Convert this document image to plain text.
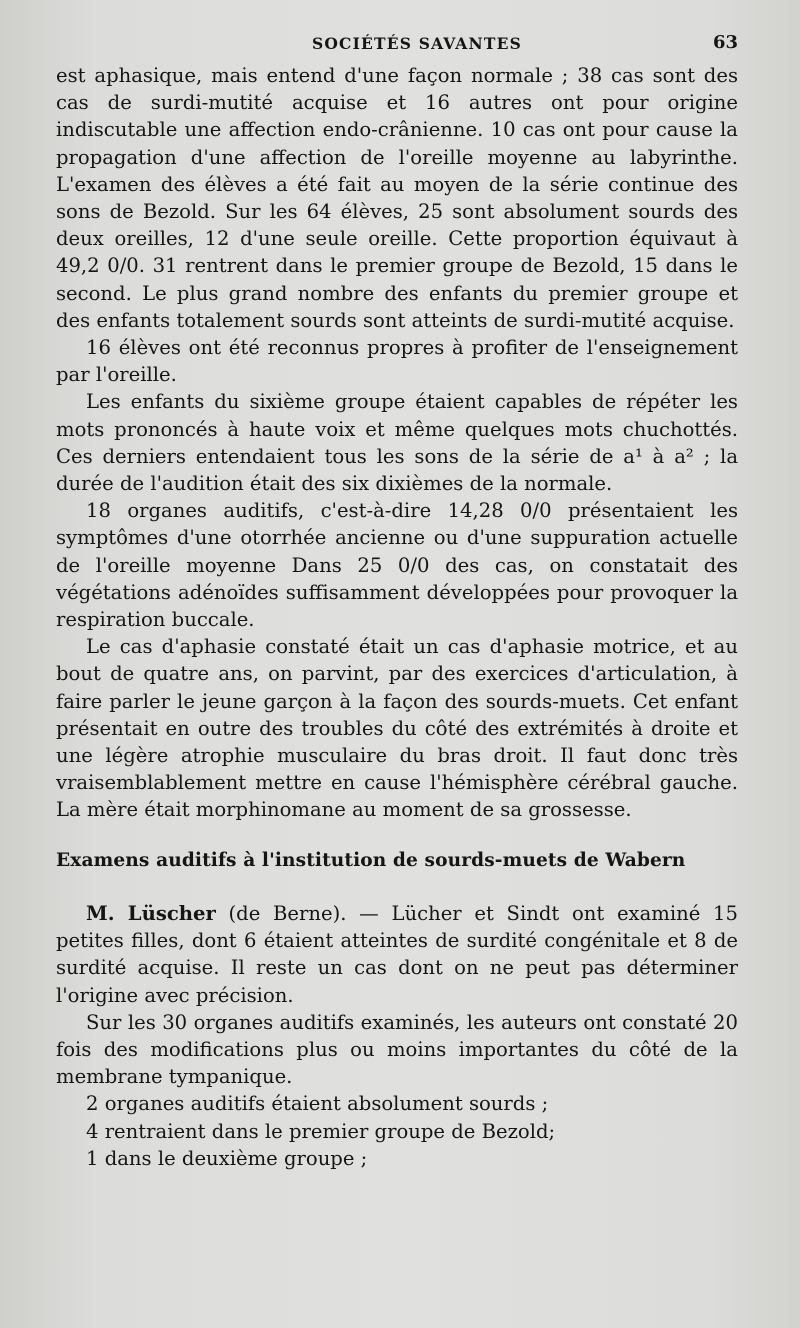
SOCIÉTÉS SAVANTES	63

est aphasique, mais entend d'une façon normale ; 38 cas sont des cas de surdi-mutité acquise et 16 autres ont pour origine indiscutable une affection endo-crânienne. 10 cas ont pour cause la propagation d'une affection de l'oreille moyenne au labyrinthe. L'examen des élèves a été fait au moyen de la série continue des sons de Bezold. Sur les 64 élèves, 25 sont absolument sourds des deux oreilles, 12 d'une seule oreille. Cette proportion équivaut à 49,2 0/0. 31 rentrent dans le premier groupe de Bezold, 15 dans le second. Le plus grand nombre des enfants du premier groupe et des enfants totalement sourds sont atteints de surdi-mutité acquise.

16 élèves ont été reconnus propres à profiter de l'enseignement par l'oreille.

Les enfants du sixième groupe étaient capables de répéter les mots prononcés à haute voix et même quelques mots chuchottés. Ces derniers entendaient tous les sons de la série de a¹ à a² ; la durée de l'audition était des six dixièmes de la normale.

18 organes auditifs, c'est-à-dire 14,28 0/0 présentaient les symptômes d'une otorrhée ancienne ou d'une suppuration actuelle de l'oreille moyenne Dans 25 0/0 des cas, on constatait des végétations adénoïdes suffisamment développées pour provoquer la respiration buccale.

Le cas d'aphasie constaté était un cas d'aphasie motrice, et au bout de quatre ans, on parvint, par des exercices d'articulation, à faire parler le jeune garçon à la façon des sourds-muets. Cet enfant présentait en outre des troubles du côté des extrémités à droite et une légère atrophie musculaire du bras droit. Il faut donc très vraisemblablement mettre en cause l'hémisphère cérébral gauche. La mère était morphinomane au moment de sa grossesse.

Examens auditifs à l'institution de sourds-muets de Wabern

M. Lüscher (de Berne). — Lücher et Sindt ont examiné 15 petites filles, dont 6 étaient atteintes de surdité congénitale et 8 de surdité acquise. Il reste un cas dont on ne peut pas déterminer l'origine avec précision.

Sur les 30 organes auditifs examinés, les auteurs ont constaté 20 fois des modifications plus ou moins importantes du côté de la membrane tympanique.

2 organes auditifs étaient absolument sourds ;

4 rentraient dans le premier groupe de Bezold;

1 dans le deuxième groupe ;
